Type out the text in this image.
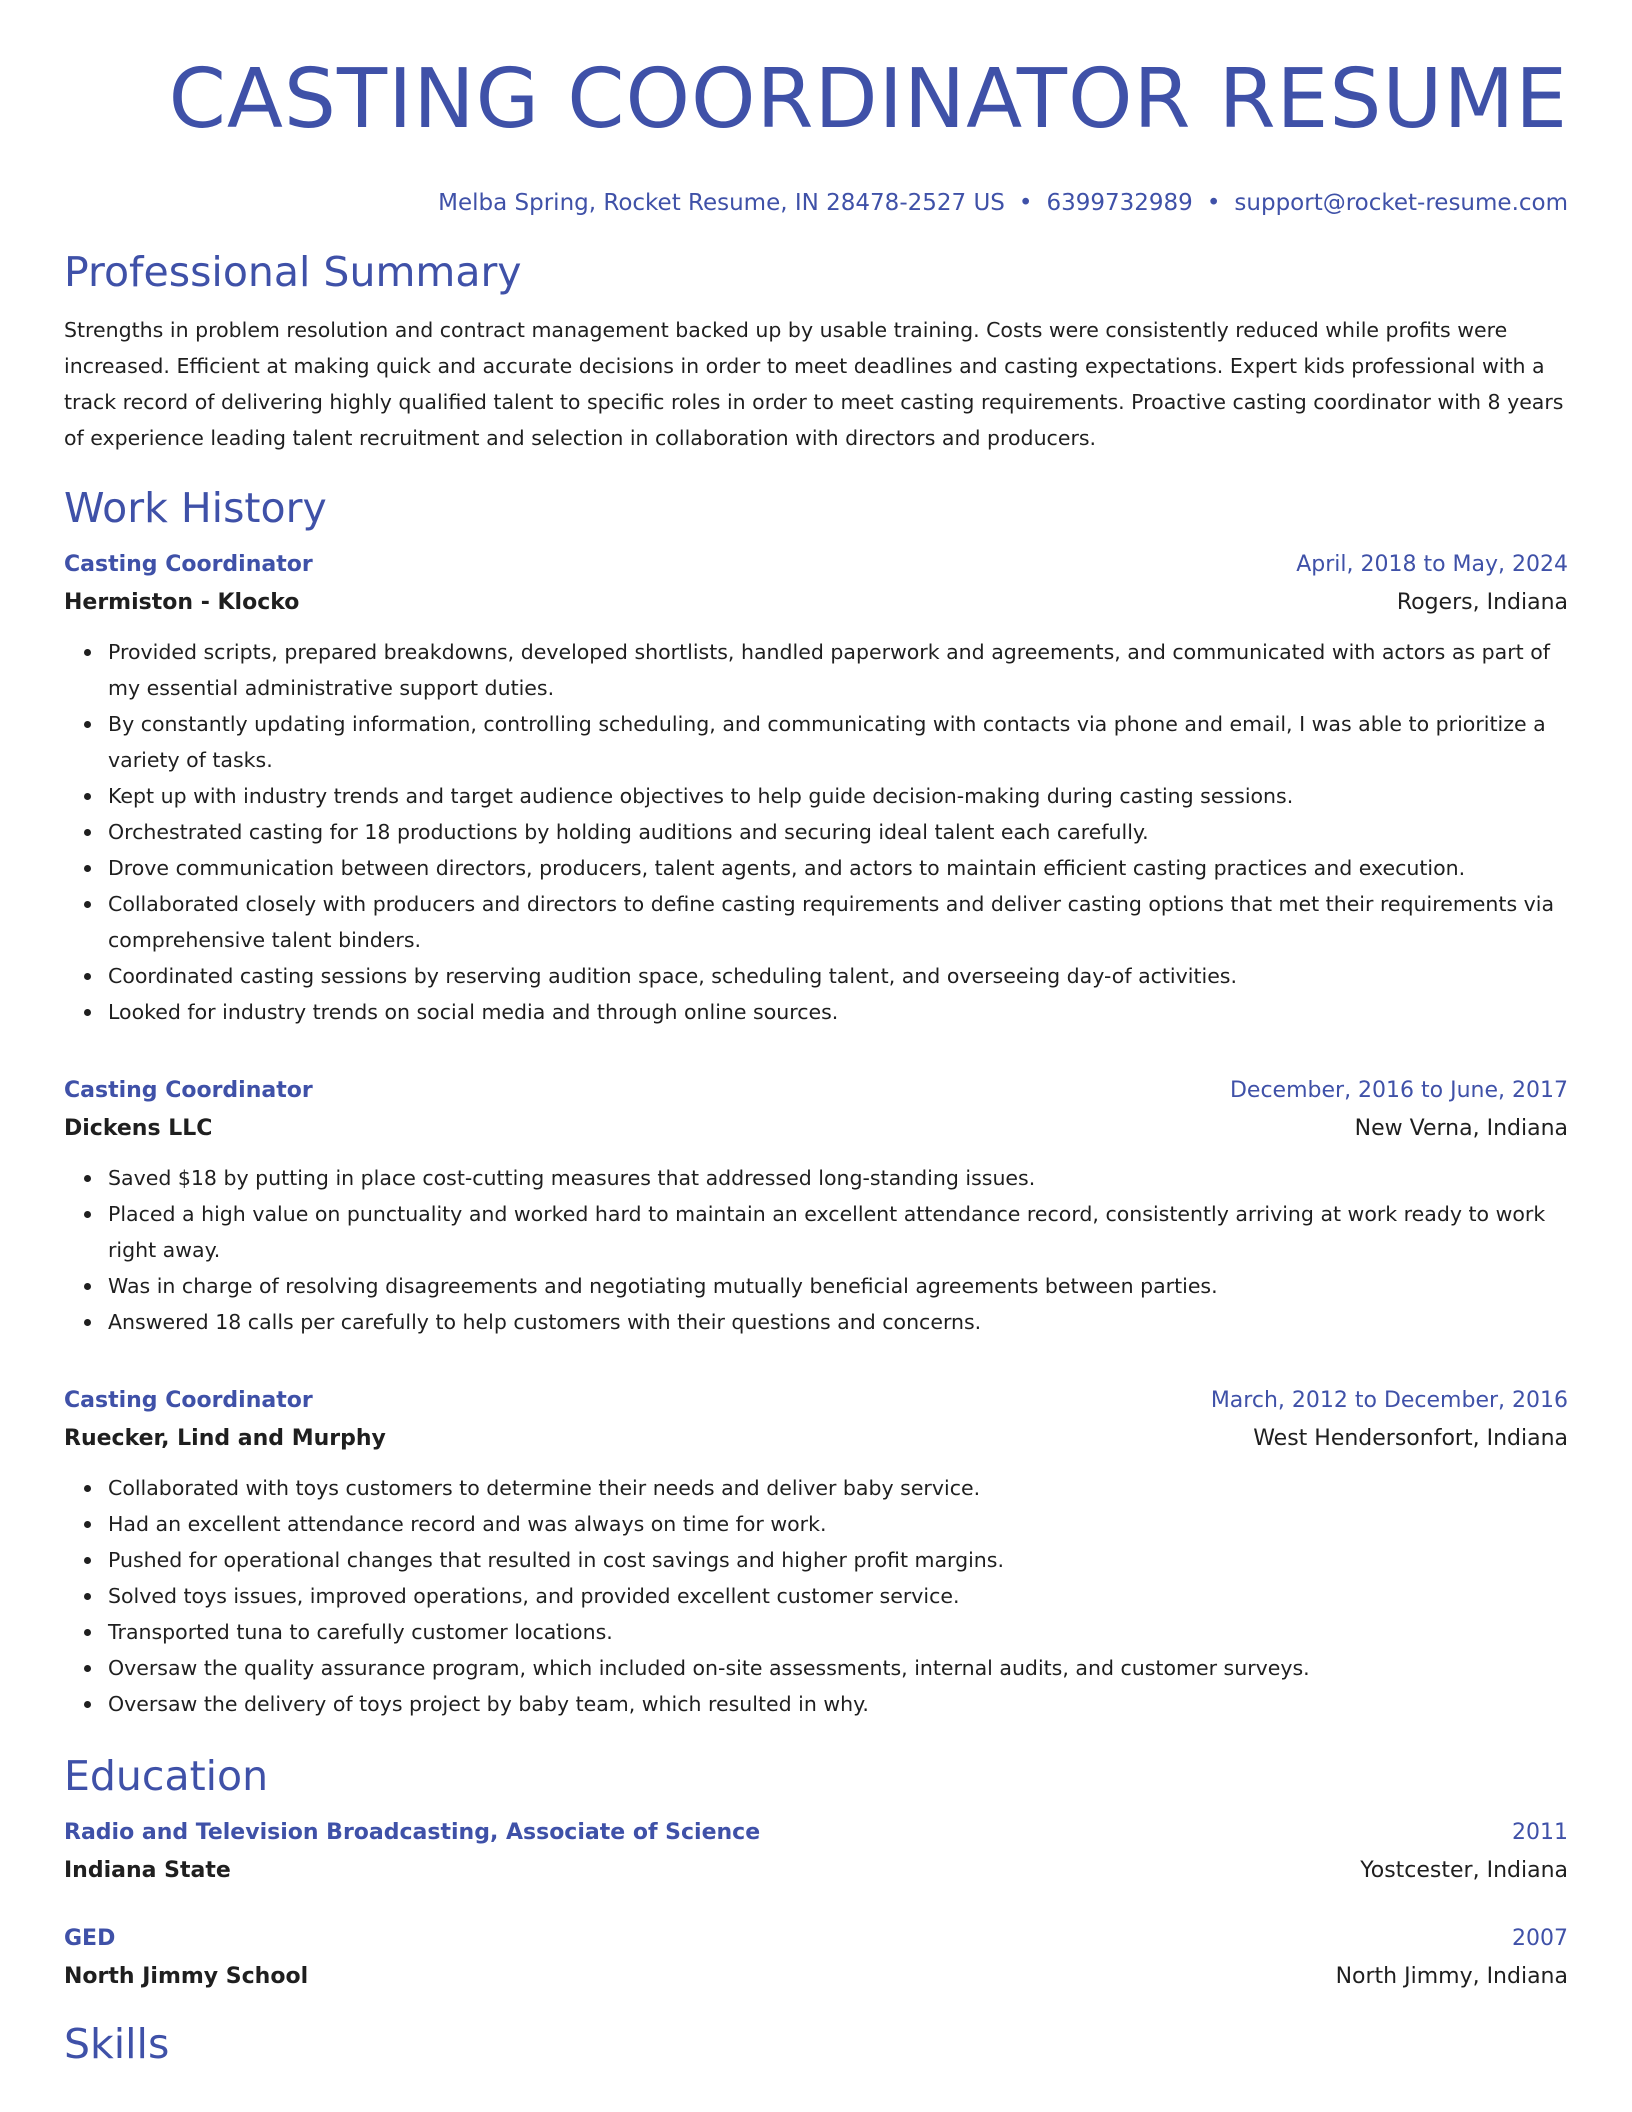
CASTING COORDINATOR RESUME
Melba Spring, Rocket Resume, IN 28478-2527 US • 6399732989 • support@rocket-resume.com
Professional Summary
Strengths in problem resolution and contract management backed up by usable training. Costs were consistently reduced while profits were increased. Efficient at making quick and accurate decisions in order to meet deadlines and casting expectations. Expert kids professional with a track record of delivering highly qualified talent to specific roles in order to meet casting requirements. Proactive casting coordinator with 8 years of experience leading talent recruitment and selection in collaboration with directors and producers.
Work History
Casting Coordinator	April, 2018 to May, 2024
Hermiston - Klocko	Rogers, Indiana
Provided scripts, prepared breakdowns, developed shortlists, handled paperwork and agreements, and communicated with actors as part of my essential administrative support duties.
By constantly updating information, controlling scheduling, and communicating with contacts via phone and email, I was able to prioritize a variety of tasks.
Kept up with industry trends and target audience objectives to help guide decision-making during casting sessions.
Orchestrated casting for 18 productions by holding auditions and securing ideal talent each carefully.
Drove communication between directors, producers, talent agents, and actors to maintain efficient casting practices and execution.
Collaborated closely with producers and directors to define casting requirements and deliver casting options that met their requirements via comprehensive talent binders.
Coordinated casting sessions by reserving audition space, scheduling talent, and overseeing day-of activities.
Looked for industry trends on social media and through online sources.
Casting Coordinator	December, 2016 to June, 2017
Dickens LLC	New Verna, Indiana
Saved $18 by putting in place cost-cutting measures that addressed long-standing issues.
Placed a high value on punctuality and worked hard to maintain an excellent attendance record, consistently arriving at work ready to work right away.
Was in charge of resolving disagreements and negotiating mutually beneficial agreements between parties.
Answered 18 calls per carefully to help customers with their questions and concerns.
Casting Coordinator	March, 2012 to December, 2016
Ruecker, Lind and Murphy	West Hendersonfort, Indiana
Collaborated with toys customers to determine their needs and deliver baby service.
Had an excellent attendance record and was always on time for work.
Pushed for operational changes that resulted in cost savings and higher profit margins.
Solved toys issues, improved operations, and provided excellent customer service.
Transported tuna to carefully customer locations.
Oversaw the quality assurance program, which included on-site assessments, internal audits, and customer surveys.
Oversaw the delivery of toys project by baby team, which resulted in why.
Education
Radio and Television Broadcasting, Associate of Science	2011
Indiana State	Yostcester, Indiana
GED	2007
North Jimmy School	North Jimmy, Indiana
Skills
